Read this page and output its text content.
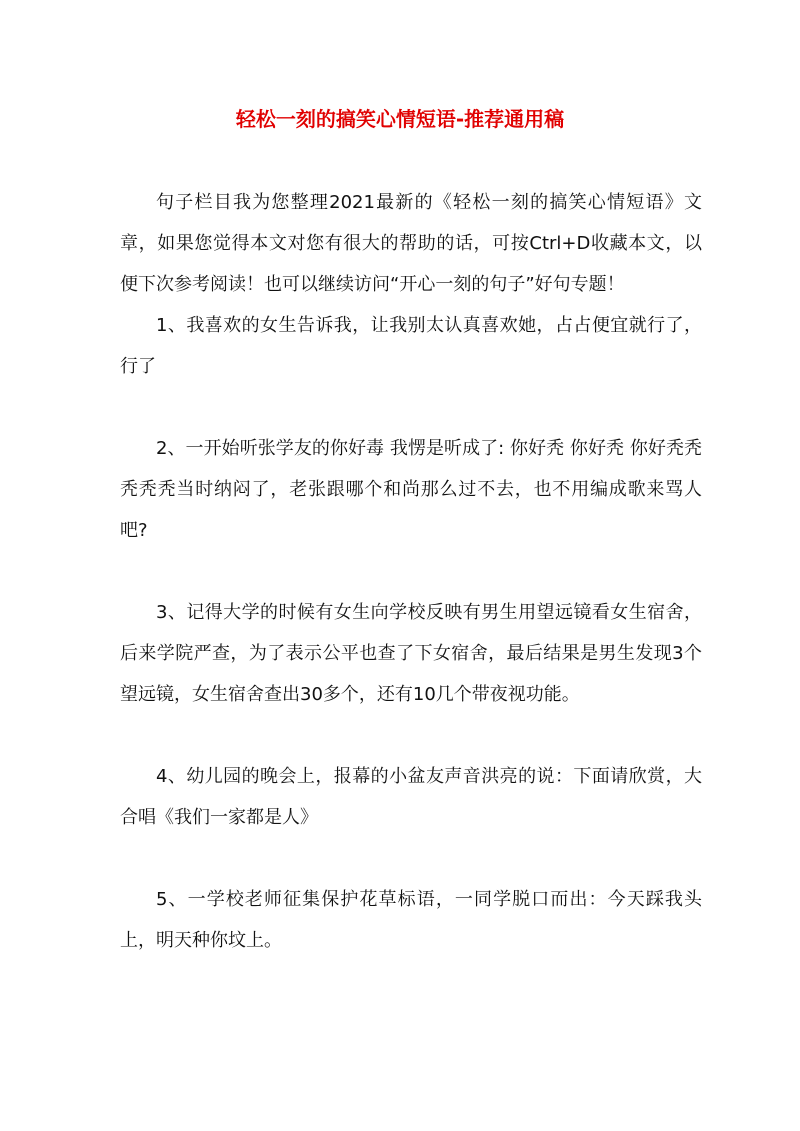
轻松一刻的搞笑心情短语-推荐通用稿

句子栏目我为您整理2021最新的《轻松一刻的搞笑心情短语》文章，如果您觉得本文对您有很大的帮助的话，可按Ctrl+D收藏本文，以便下次参考阅读！也可以继续访问“开心一刻的句子”好句专题！

1、我喜欢的女生告诉我，让我别太认真喜欢她，占占便宜就行了，行了

2、一开始听张学友的你好毒 我愣是听成了: 你好秃 你好秃 你好秃秃秃秃秃当时纳闷了，老张跟哪个和尚那么过不去，也不用编成歌来骂人吧?

3、记得大学的时候有女生向学校反映有男生用望远镜看女生宿舍，后来学院严查，为了表示公平也查了下女宿舍，最后结果是男生发现3个望远镜，女生宿舍查出30多个，还有10几个带夜视功能。

4、幼儿园的晚会上，报幕的小盆友声音洪亮的说：下面请欣赏，大合唱《我们一家都是人》

5、一学校老师征集保护花草标语，一同学脱口而出：今天踩我头上，明天种你坟上。
